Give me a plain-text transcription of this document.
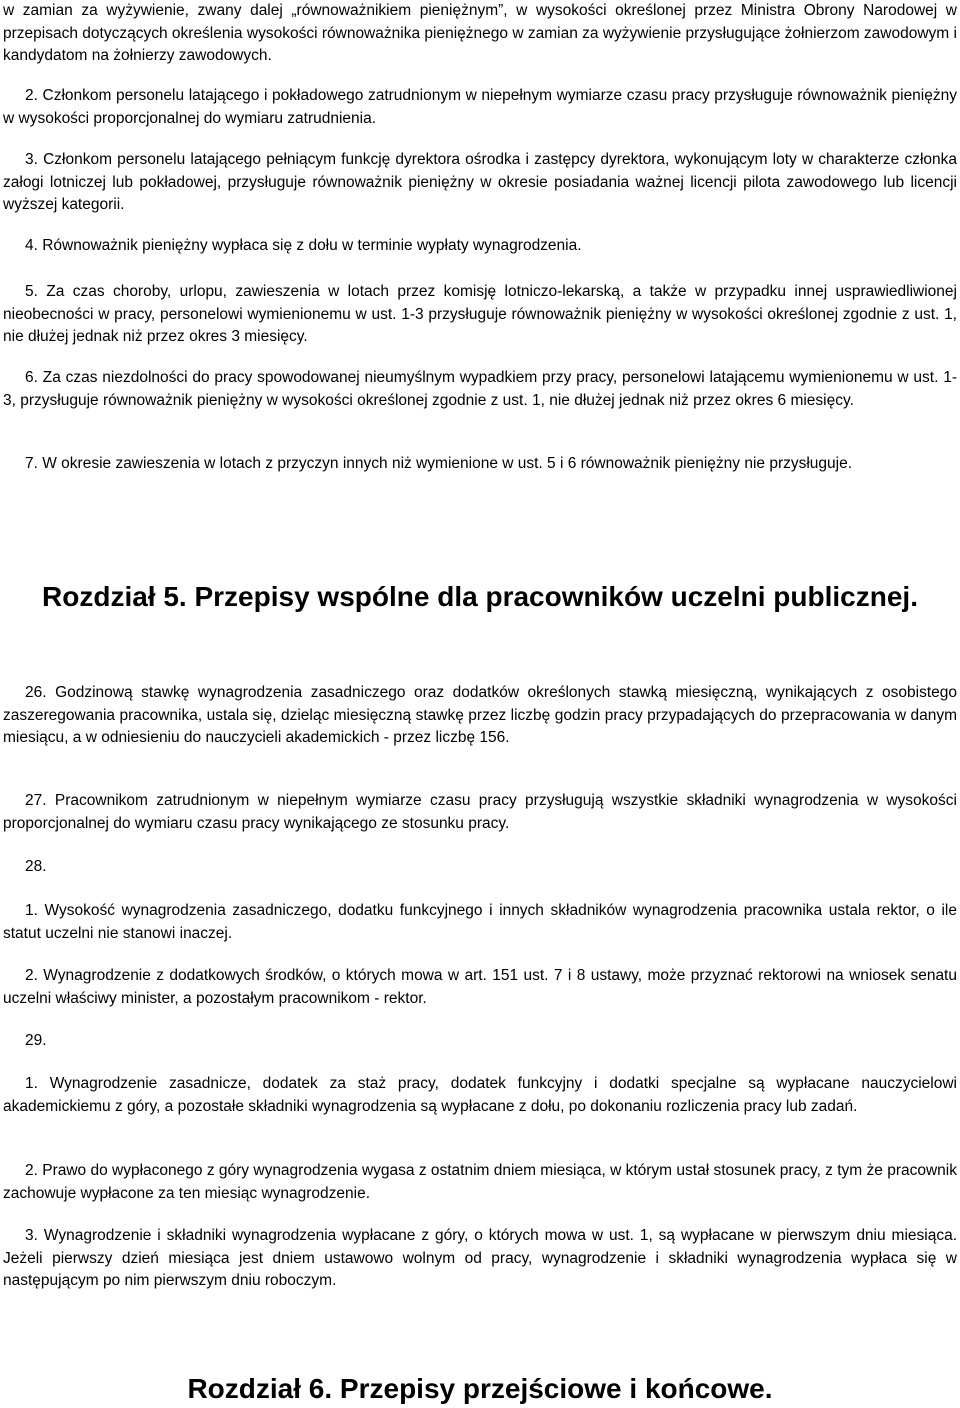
w zamian za wyżywienie, zwany dalej „równoważnikiem pieniężnym”, w wysokości określonej przez Ministra Obrony Narodowej w przepisach dotyczących określenia wysokości równoważnika pieniężnego w zamian za wyżywienie przysługujące żołnierzom zawodowym i kandydatom na żołnierzy zawodowych.

2. Członkom personelu latającego i pokładowego zatrudnionym w niepełnym wymiarze czasu pracy przysługuje równoważnik pieniężny w wysokości proporcjonalnej do wymiaru zatrudnienia.

3. Członkom personelu latającego pełniącym funkcję dyrektora ośrodka i zastępcy dyrektora, wykonującym loty w charakterze członka załogi lotniczej lub pokładowej, przysługuje równoważnik pieniężny w okresie posiadania ważnej licencji pilota zawodowego lub licencji wyższej kategorii.

4. Równoważnik pieniężny wypłaca się z dołu w terminie wypłaty wynagrodzenia.

5. Za czas choroby, urlopu, zawieszenia w lotach przez komisję lotniczo-lekarską, a także w przypadku innej usprawiedliwionej nieobecności w pracy, personelowi wymienionemu w ust. 1-3 przysługuje równoważnik pieniężny w wysokości określonej zgodnie z ust. 1, nie dłużej jednak niż przez okres 3 miesięcy.

6. Za czas niezdolności do pracy spowodowanej nieumyślnym wypadkiem przy pracy, personelowi latającemu wymienionemu w ust. 1-3, przysługuje równoważnik pieniężny w wysokości określonej zgodnie z ust. 1, nie dłużej jednak niż przez okres 6 miesięcy.

7. W okresie zawieszenia w lotach z przyczyn innych niż wymienione w ust. 5 i 6 równoważnik pieniężny nie przysługuje.

Rozdział 5. Przepisy wspólne dla pracowników uczelni publicznej.

26. Godzinową stawkę wynagrodzenia zasadniczego oraz dodatków określonych stawką miesięczną, wynikających z osobistego zaszeregowania pracownika, ustala się, dzieląc miesięczną stawkę przez liczbę godzin pracy przypadających do przepracowania w danym miesiącu, a w odniesieniu do nauczycieli akademickich - przez liczbę 156.

27. Pracownikom zatrudnionym w niepełnym wymiarze czasu pracy przysługują wszystkie składniki wynagrodzenia w wysokości proporcjonalnej do wymiaru czasu pracy wynikającego ze stosunku pracy.

28.

1. Wysokość wynagrodzenia zasadniczego, dodatku funkcyjnego i innych składników wynagrodzenia pracownika ustala rektor, o ile statut uczelni nie stanowi inaczej.

2. Wynagrodzenie z dodatkowych środków, o których mowa w art. 151 ust. 7 i 8 ustawy, może przyznać rektorowi na wniosek senatu uczelni właściwy minister, a pozostałym pracownikom - rektor.

29.

1. Wynagrodzenie zasadnicze, dodatek za staż pracy, dodatek funkcyjny i dodatki specjalne są wypłacane nauczycielowi akademickiemu z góry, a pozostałe składniki wynagrodzenia są wypłacane z dołu, po dokonaniu rozliczenia pracy lub zadań.

2. Prawo do wypłaconego z góry wynagrodzenia wygasa z ostatnim dniem miesiąca, w którym ustał stosunek pracy, z tym że pracownik zachowuje wypłacone za ten miesiąc wynagrodzenie.

3. Wynagrodzenie i składniki wynagrodzenia wypłacane z góry, o których mowa w ust. 1, są wypłacane w pierwszym dniu miesiąca. Jeżeli pierwszy dzień miesiąca jest dniem ustawowo wolnym od pracy, wynagrodzenie i składniki wynagrodzenia wypłaca się w następującym po nim pierwszym dniu roboczym.

Rozdział 6. Przepisy przejściowe i końcowe.
